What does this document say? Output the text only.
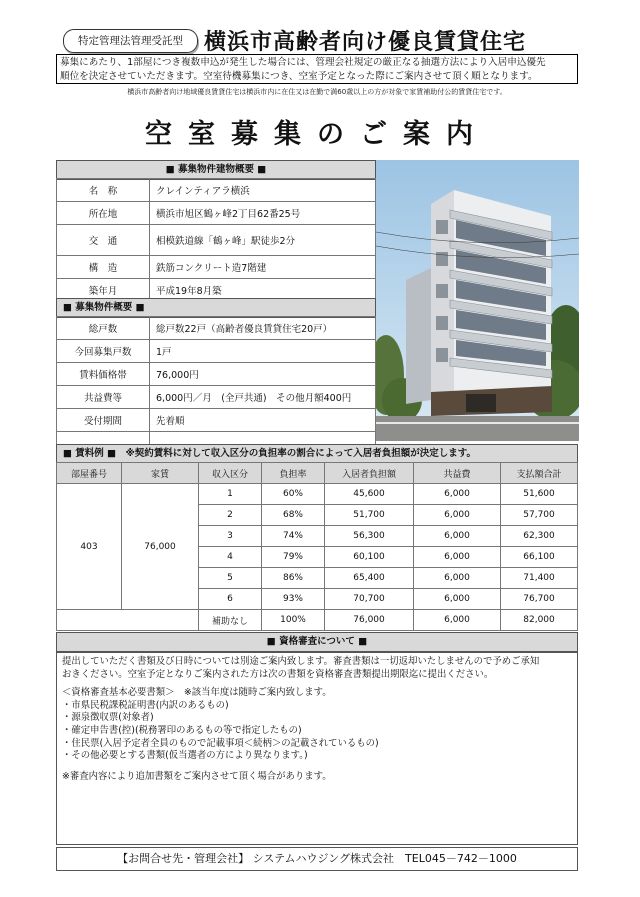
特定管理法管理受託型 横浜市高齢者向け優良賃貸住宅
募集にあたり、1部屋につき複数申込が発生した場合には、管理会社規定の厳正なる抽選方法により入居申込優先
順位を決定させていただきます。空室待機募集につき、空室予定となった際にご案内させて頂く順となります。
横浜市高齢者向け地域優良賃貸住宅は横浜市内に在住又は在勤で満60歳以上の方が対象で家賃補助付公的賃貸住宅です。
空室募集のご案内
■ 募集物件建物概要 ■
名　称	クレインティアラ横浜
所在地	横浜市旭区鶴ヶ峰2丁目62番25号
交　通	相模鉄道線「鶴ヶ峰」駅徒歩2分
構　造	鉄筋コンクリート造7階建
築年月	平成19年8月築
■ 募集物件概要 ■
総戸数	総戸数22戸（高齢者優良賃貸住宅20戸）
今回募集戸数	1戸
賃料価格帯	76,000円
共益費等	6,000円／月　(全戸共通)　その他月額400円
受付期間	先着順

■ 賃料例 ■　※契約賃料に対して収入区分の負担率の割合によって入居者負担額が決定します。
部屋番号	家賃	収入区分	負担率	入居者負担額	共益費	支払額合計
403	76,000	1	60%	45,600	6,000	51,600
		2	68%	51,700	6,000	57,700
		3	74%	56,300	6,000	62,300
		4	79%	60,100	6,000	66,100
		5	86%	65,400	6,000	71,400
		6	93%	70,700	6,000	76,700
		補助なし	100%	76,000	6,000	82,000
■ 資格審査について ■
提出していただく書類及び日時については別途ご案内致します。審査書類は一切返却いたしませんので予めご承知
おきください。空室予定となりご案内された方は次の書類を資格審査書類提出期限迄に提出ください。
＜資格審査基本必要書類＞　※該当年度は随時ご案内致します。
・市県民税課税証明書(内訳のあるもの)
・源泉徴収票(対象者)
・確定申告書(控)(税務署印のあるもの等で指定したもの)
・住民票(入居予定者全員のもので記載事項＜続柄＞の記載されているもの)
・その他必要とする書類(仮当選者の方により異なります。)
※審査内容により追加書類をご案内させて頂く場合があります。
【お問合せ先・管理会社】 システムハウジング株式会社　TEL045－742－1000
